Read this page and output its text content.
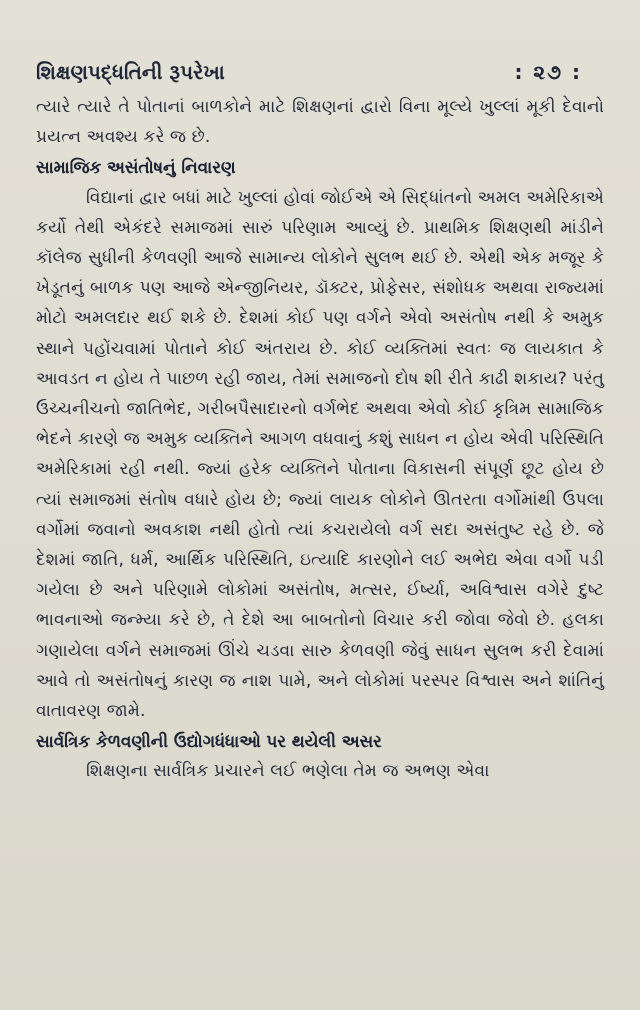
શિક્ષણપદ્ધતિની રૂપરેખા	: ૨૭ :

ત્યારે ત્યારે તે પોતાનાં બાળકોને માટે શિક્ષણનાં દ્વારો વિના મૂલ્યે ખુલ્લાં મૂકી દેવાનો પ્રયત્ન અવશ્ય કરે જ છે.

સામાજિક અસંતોષનું નિવારણ

વિદ્યાનાં દ્વાર બધાં માટે ખુલ્લાં હોવાં જોઈએ એ સિદ્ધાંતનો અમલ અમેરિકાએ કર્યો તેથી એકંદરે સમાજમાં સારું પરિણામ આવ્યું છે. પ્રાથમિક શિક્ષણથી માંડીને કૉલેજ સુધીની કેળવણી આજે સામાન્ય લોકોને સુલભ થઈ છે. એથી એક મજૂર કે ખેડૂતનું બાળક પણ આજે એન્જીનિયર, ડૉક્ટર, પ્રોફેસર, સંશોધક અથવા રાજ્યમાં મોટો અમલદાર થઈ શકે છે. દેશમાં કોઈ પણ વર્ગને એવો અસંતોષ નથી કે અમુક સ્થાને પહોંચવામાં પોતાને કોઈ અંતરાય છે. કોઈ વ્યક્તિમાં સ્વતઃ જ લાયકાત કે આવડત ન હોય તે પાછળ રહી જાય, તેમાં સમાજનો દોષ શી રીતે કાઢી શકાય? પરંતુ ઉચ્ચનીચનો જાતિભેદ, ગરીબપૈસાદારનો વર્ગભેદ અથવા એવો કોઈ કૃત્રિમ સામાજિક ભેદને કારણે જ અમુક વ્યક્તિને આગળ વધવાનું કશું સાધન ન હોય એવી પરિસ્થિતિ અમેરિકામાં રહી નથી. જ્યાં હરેક વ્યક્તિને પોતાના વિકાસની સંપૂર્ણ છૂટ હોય છે ત્યાં સમાજમાં સંતોષ વધારે હોય છે; જ્યાં લાયક લોકોને ઊતરતા વર્ગોમાંથી ઉપલા વર્ગોમાં જવાનો અવકાશ નથી હોતો ત્યાં કચરાયેલો વર્ગ સદા અસંતુષ્ટ રહે છે. જે દેશમાં જાતિ, ધર્મ, આર્થિક પરિસ્થિતિ, ઇત્યાદિ કારણોને લઈ અભેદ્ય એવા વર્ગો પડી ગયેલા છે અને પરિણામે લોકોમાં અસંતોષ, મત્સર, ઈર્ષ્યા, અવિશ્વાસ વગેરે દુષ્ટ ભાવનાઓ જન્મ્યા કરે છે, તે દેશે આ બાબતોનો વિચાર કરી જોવા જેવો છે. હલકા ગણાયેલા વર્ગને સમાજમાં ઊંચે ચડવા સારુ કેળવણી જેવું સાધન સુલભ કરી દેવામાં આવે તો અસંતોષનું કારણ જ નાશ પામે, અને લોકોમાં પરસ્પર વિશ્વાસ અને શાંતિનું વાતાવરણ જામે.

સાર્વત્રિક કેળવણીની ઉદ્યોગધંધાઓ પર થયેલી અસર

શિક્ષણના સાર્વત્રિક પ્રચારને લઈ ભણેલા તેમ જ અભણ એવા
